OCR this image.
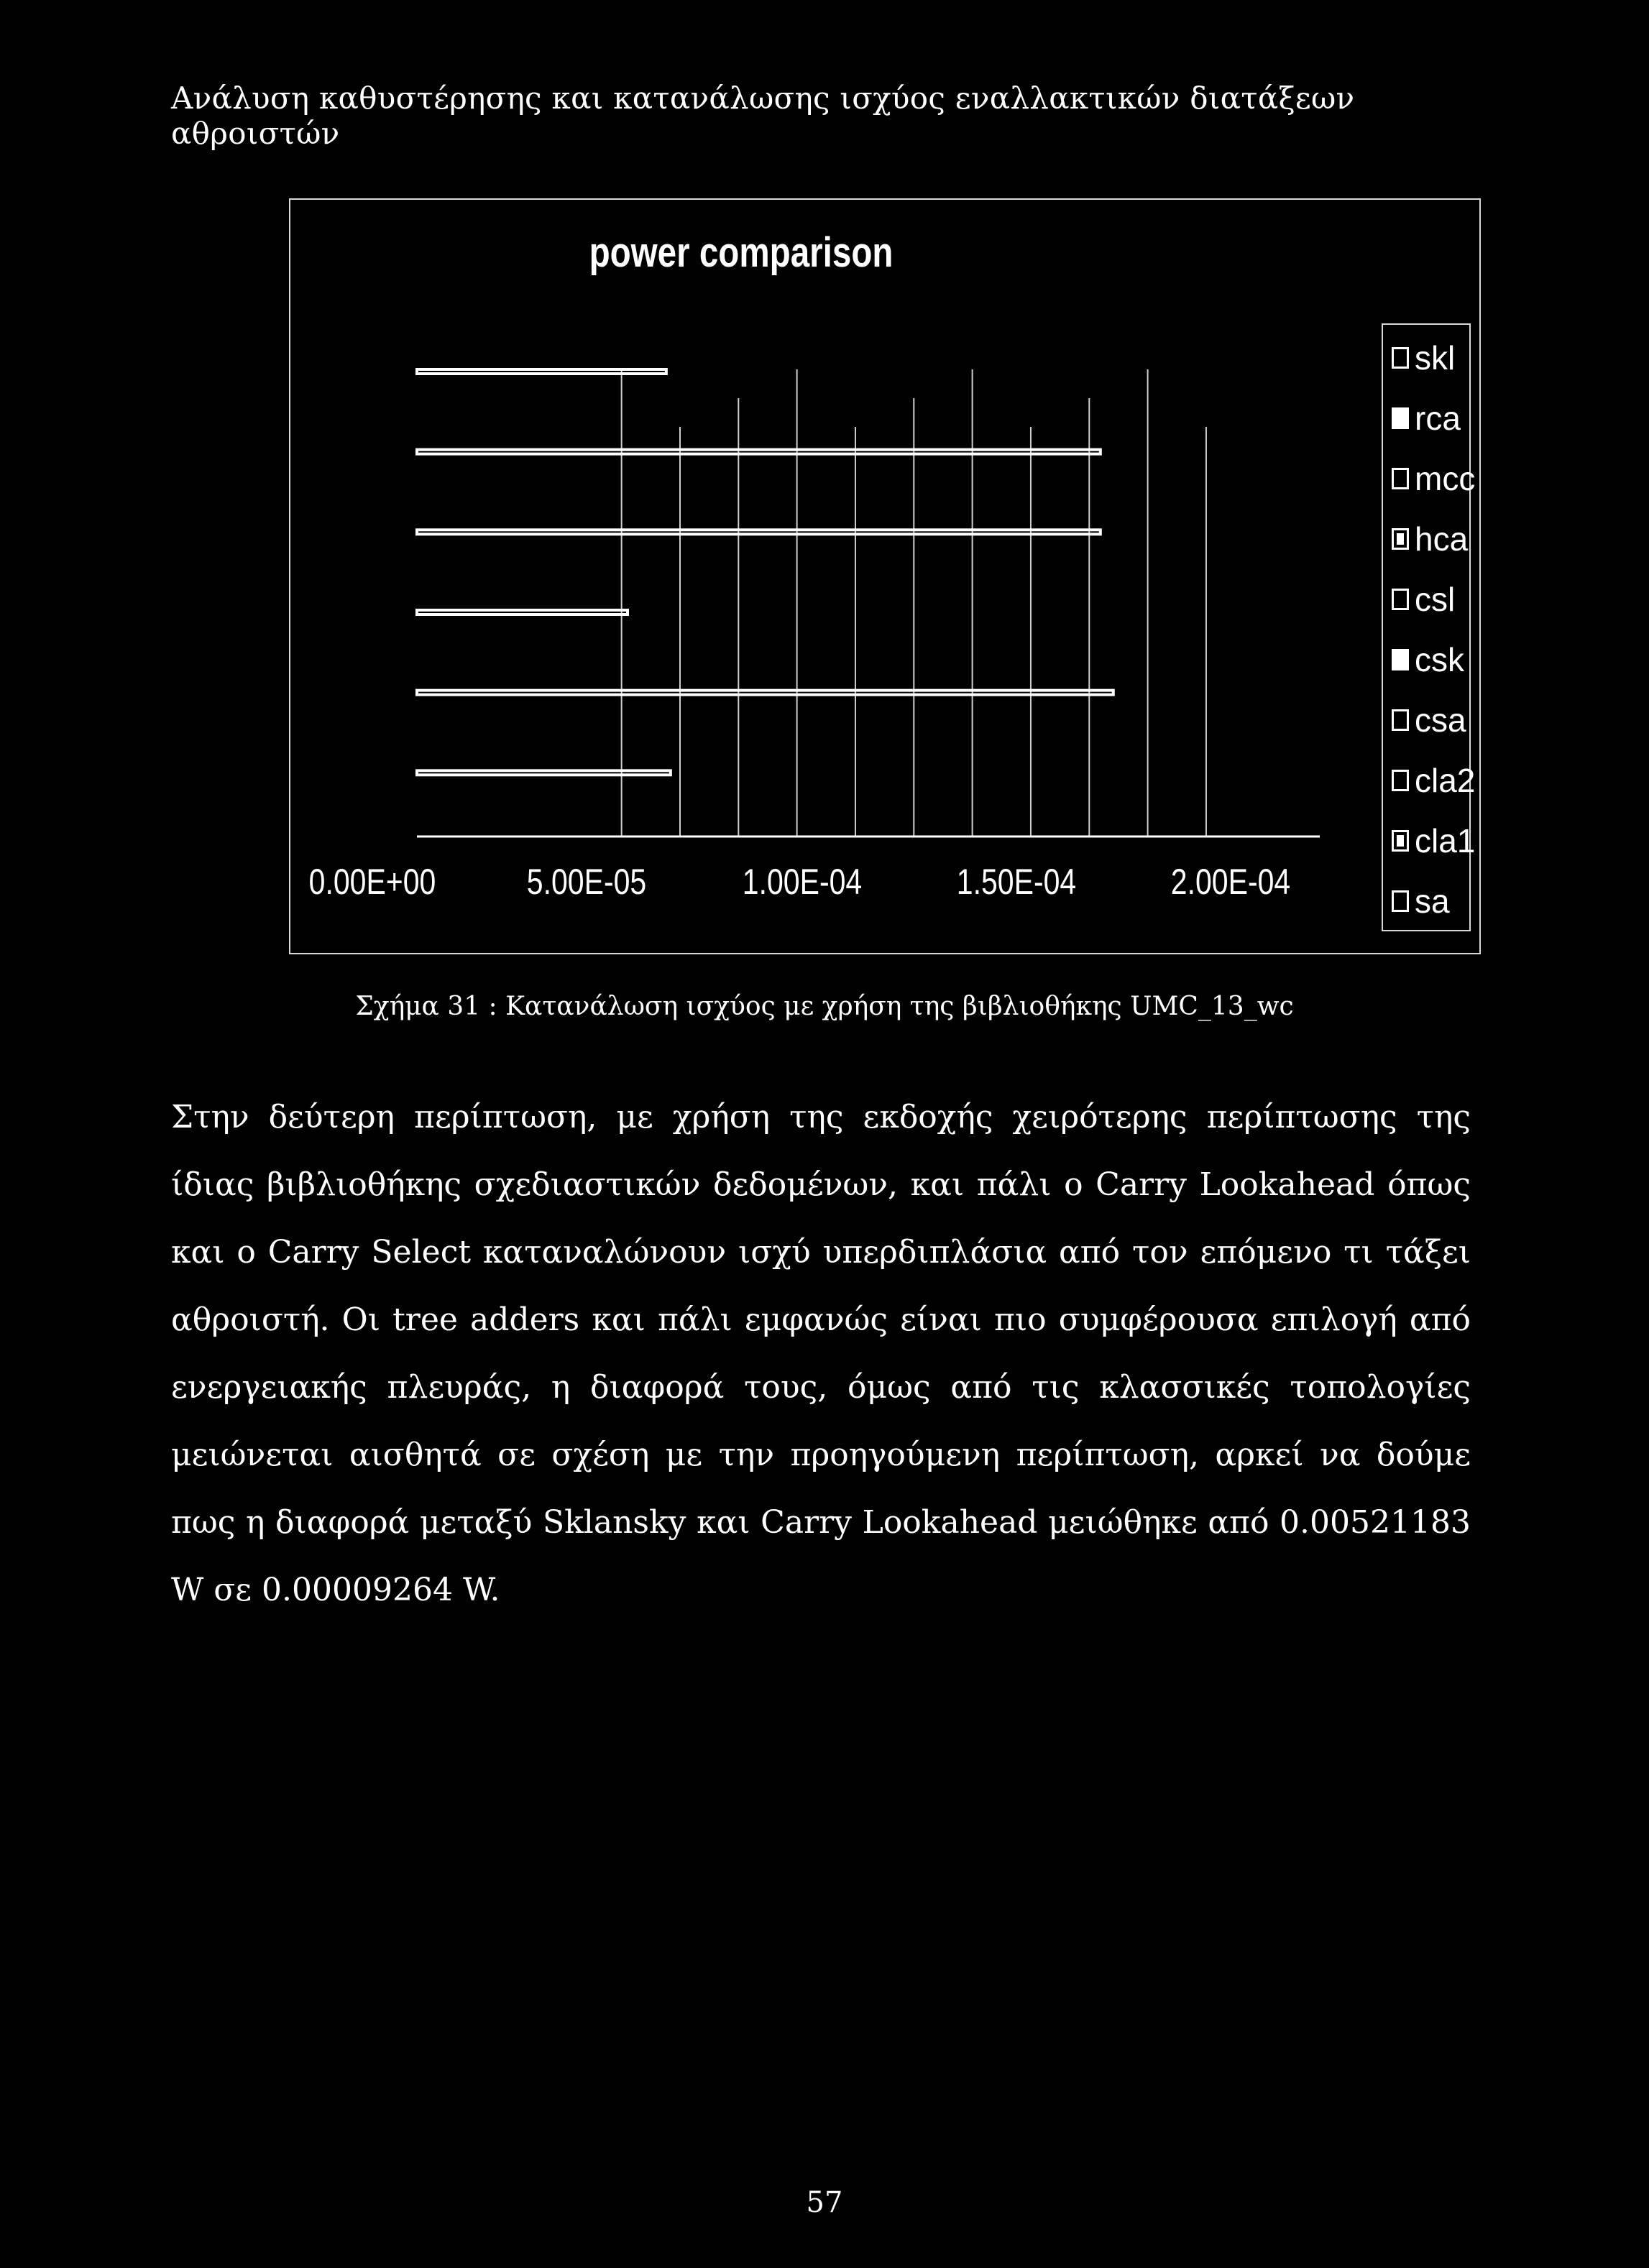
Ανάλυση καθυστέρησης και κατανάλωσης ισχύος εναλλακτικών διατάξεων αθροιστών
power comparison
0.00E+00	5.00E-05	1.00E-04	1.50E-04	2.00E-04
skl
rca
mcc
hca
csl
csk
csa
cla2
cla1
sa
Σχήμα 31 : Κατανάλωση ισχύος με χρήση της βιβλιοθήκης UMC_13_wc
Στην δεύτερη περίπτωση, με χρήση της εκδοχής χειρότερης περίπτωσης της ίδιας βιβλιοθήκης σχεδιαστικών δεδομένων, και πάλι ο Carry Lookahead όπως και ο Carry Select καταναλώνουν ισχύ υπερδιπλάσια από τον επόμενο τι τάξει αθροιστή. Οι tree adders και πάλι εμφανώς είναι πιο συμφέρουσα επιλογή από ενεργειακής πλευράς, η διαφορά τους, όμως από τις κλασσικές τοπολογίες μειώνεται αισθητά σε σχέση με την προηγούμενη περίπτωση, αρκεί να δούμε πως η διαφορά μεταξύ Sklansky και Carry Lookahead μειώθηκε από 0.00521183 W σε 0.00009264 W.
57
